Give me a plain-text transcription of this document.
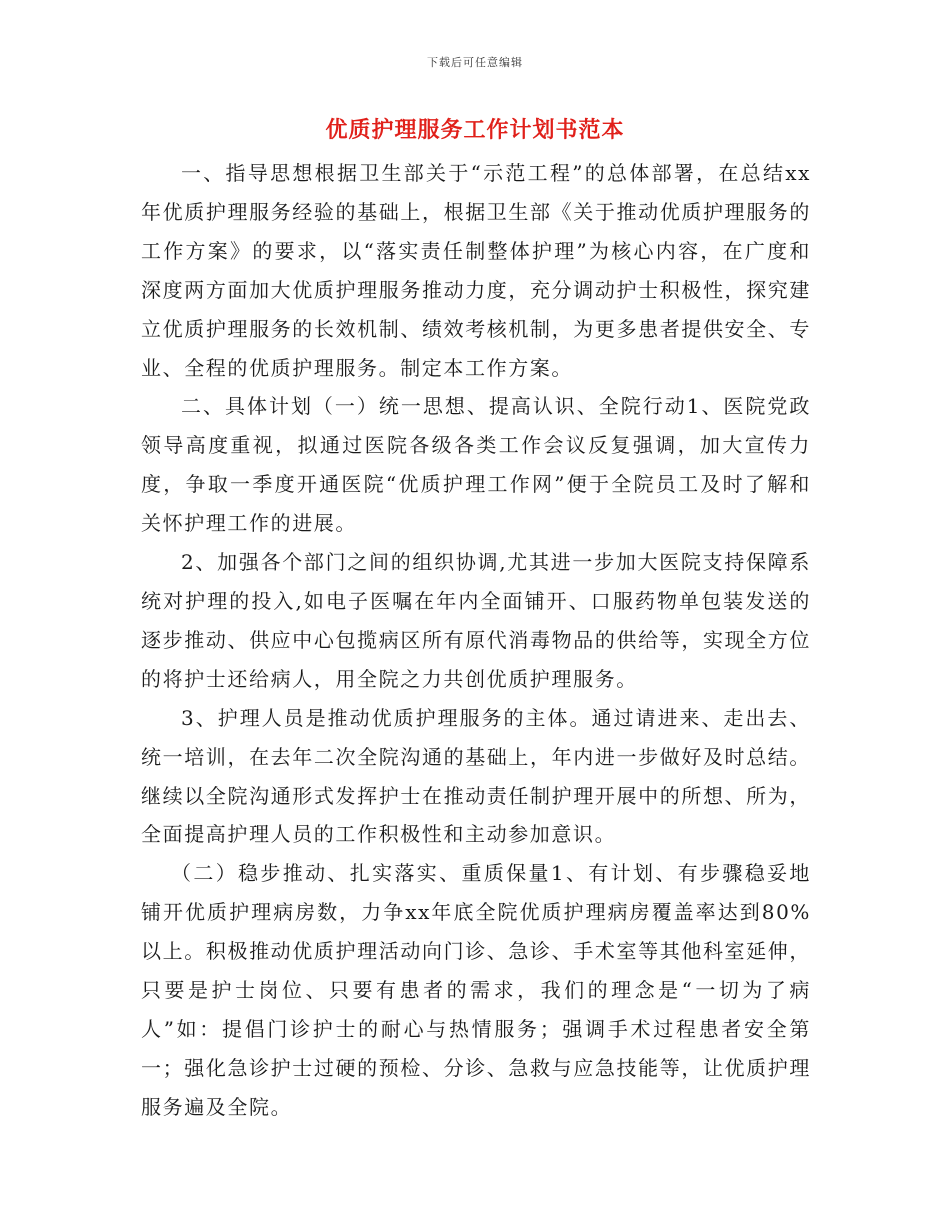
下载后可任意编辑
优质护理服务工作计划书范本

一、指导思想根据卫生部关于“示范工程”的总体部署，在总结xx年优质护理服务经验的基础上，根据卫生部《关于推动优质护理服务的工作方案》的要求，以“落实责任制整体护理”为核心内容，在广度和深度两方面加大优质护理服务推动力度，充分调动护士积极性，探究建立优质护理服务的长效机制、绩效考核机制，为更多患者提供安全、专业、全程的优质护理服务。制定本工作方案。

二、具体计划（一）统一思想、提高认识、全院行动1、医院党政领导高度重视，拟通过医院各级各类工作会议反复强调，加大宣传力度，争取一季度开通医院“优质护理工作网”便于全院员工及时了解和关怀护理工作的进展。

2、加强各个部门之间的组织协调,尤其进一步加大医院支持保障系统对护理的投入,如电子医嘱在年内全面铺开、口服药物单包装发送的逐步推动、供应中心包揽病区所有原代消毒物品的供给等，实现全方位的将护士还给病人，用全院之力共创优质护理服务。

3、护理人员是推动优质护理服务的主体。通过请进来、走出去、统一培训，在去年二次全院沟通的基础上，年内进一步做好及时总结。继续以全院沟通形式发挥护士在推动责任制护理开展中的所想、所为，全面提高护理人员的工作积极性和主动参加意识。

（二）稳步推动、扎实落实、重质保量1、有计划、有步骤稳妥地铺开优质护理病房数，力争xx年底全院优质护理病房覆盖率达到80%以上。积极推动优质护理活动向门诊、急诊、手术室等其他科室延伸，只要是护士岗位、只要有患者的需求，我们的理念是“一切为了病人”如：提倡门诊护士的耐心与热情服务；强调手术过程患者安全第一；强化急诊护士过硬的预检、分诊、急救与应急技能等，让优质护理服务遍及全院。
